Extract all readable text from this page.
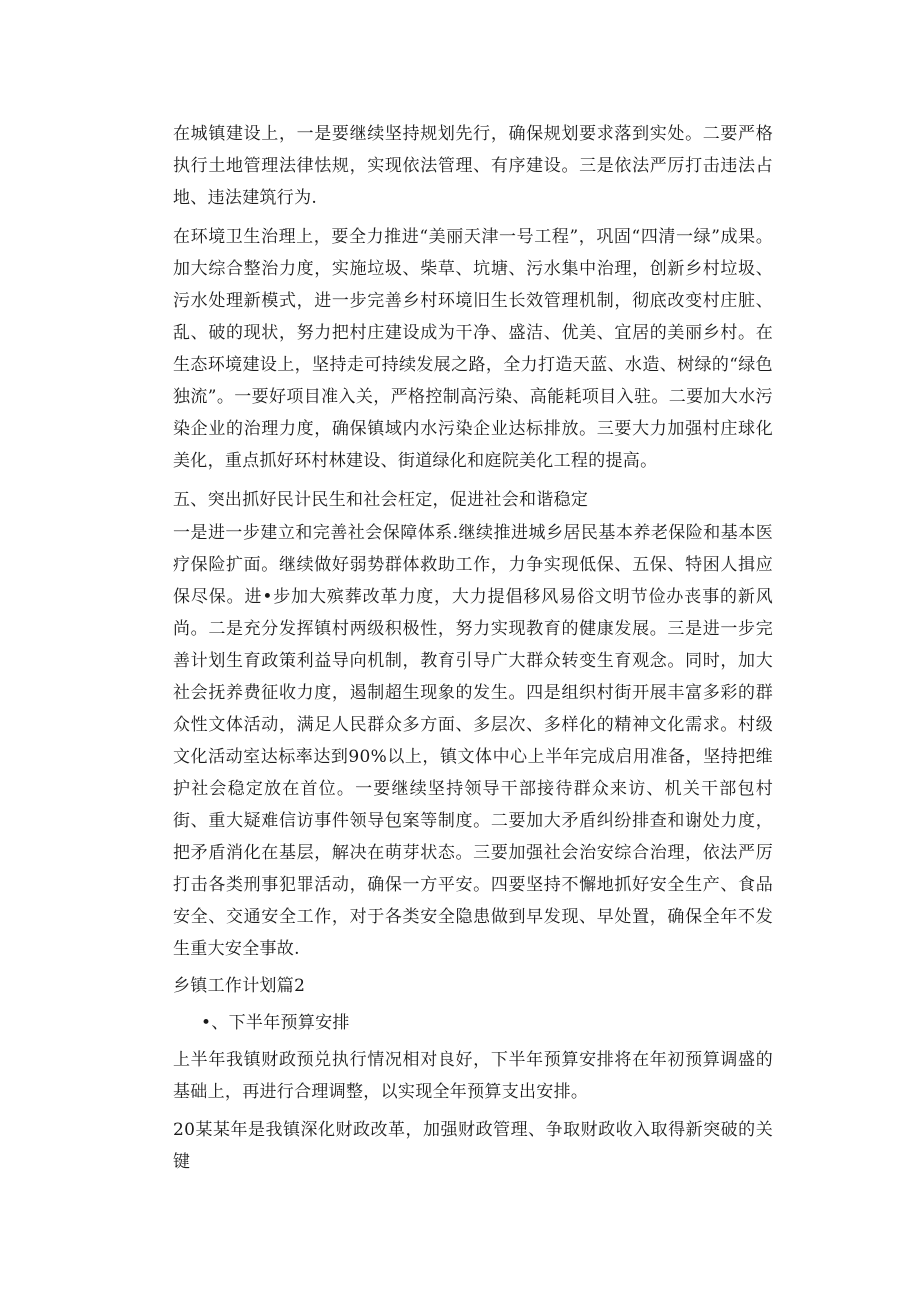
在城镇建设上，一是要继续坚持规划先行，确保规划要求落到实处。二要严格执行土地管理法律怯规，实现依法管理、有序建设。三是依法严厉打击违法占地、违法建筑行为.

在环境卫生治理上，要全力推进“美丽天津一号工程”，巩固“四清一绿”成果。加大综合整治力度，实施垃圾、柴草、坑塘、污水集中治理，创新乡村垃圾、污水处理新模式，进一步完善乡村环境旧生长效管理机制，彻底改变村庄脏、乱、破的现状，努力把村庄建设成为干净、盛洁、优美、宜居的美丽乡村。在生态环境建设上，坚持走可持续发展之路，全力打造天蓝、水造、树绿的“绿色独流”。一要好项目准入关，严格控制高污染、高能耗项目入驻。二要加大水污染企业的治理力度，确保镇域内水污染企业达标排放。三要大力加强村庄球化美化，重点抓好环村林建设、街道绿化和庭院美化工程的提高。

五、突出抓好民计民生和社会枉定，促进社会和谐稳定

一是进一步建立和完善社会保障体系.继续推进城乡居民基本养老保险和基本医疗保险扩面。继续做好弱势群体救助工作，力争实现低保、五保、特困人揖应保尽保。进•步加大殡葬改革力度，大力提倡移风易俗文明节俭办丧事的新风尚。二是充分发挥镇村两级积极性，努力实现教育的健康发展。三是进一步完善计划生育政策利益导向机制，教育引导广大群众转变生育观念。同时，加大社会抚养费征收力度，遏制超生现象的发生。四是组织村街开展丰富多彩的群众性文体活动，满足人民群众多方面、多层次、多样化的精神文化需求。村级文化活动室达标率达到90%以上，镇文体中心上半年完成启用准备，坚持把维护社会稳定放在首位。一要继续坚持领导干部接待群众来访、机关干部包村街、重大疑难信访事件领导包案等制度。二要加大矛盾纠纷排查和谢处力度，把矛盾消化在基层，解决在萌芽状态。三要加强社会治安综合治理，依法严厉打击各类刑事犯罪活动，确保一方平安。四要坚持不懈地抓好安全生产、食品安全、交通安全工作，对于各类安全隐患做到早发现、早处置，确保全年不发生重大安全事故.

乡镇工作计划篇2

•、下半年预算安排

上半年我镇财政预兑执行情况相对良好，下半年预算安排将在年初预算调盛的基础上，再进行合理调整，以实现全年预算支出安排。

20某某年是我镇深化财政改革，加强财政管理、争取财政收入取得新突破的关键
